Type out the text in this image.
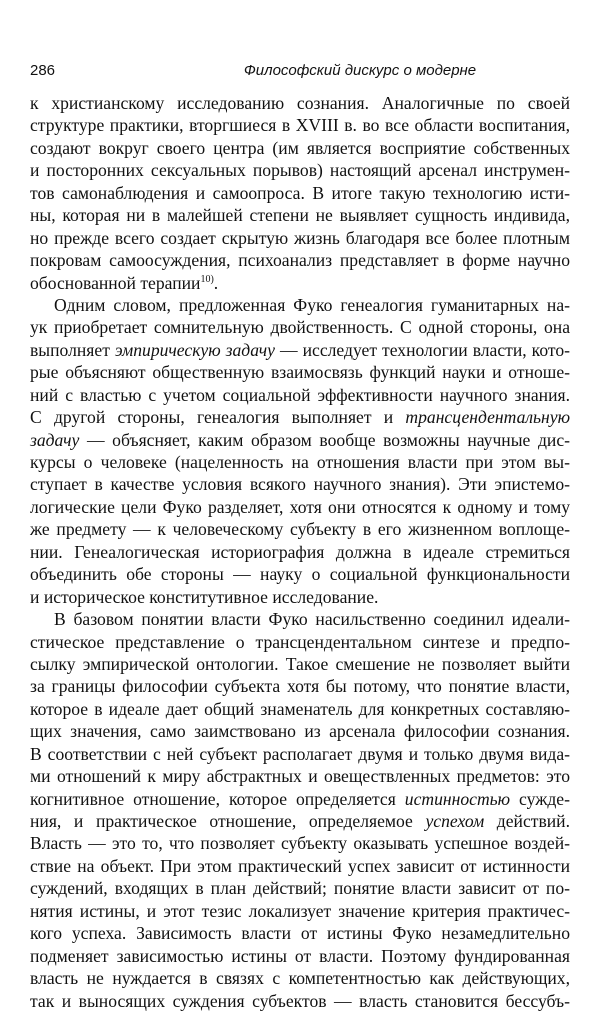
286	Философский дискурс о модерне
к христианскому исследованию сознания. Аналогичные по своей
структуре практики, вторгшиеся в XVIII в. во все области воспитания,
создают вокруг своего центра (им является восприятие собственных
и посторонних сексуальных порывов) настоящий арсенал инструмен-
тов самонаблюдения и самоопроса. В итоге такую технологию исти-
ны, которая ни в малейшей степени не выявляет сущность индивида,
но прежде всего создает скрытую жизнь благодаря все более плотным
покровам самоосуждения, психоанализ представляет в форме научно
обоснованной терапии$^{10)}$.
Одним словом, предложенная Фуко генеалогия гуманитарных на-
ук приобретает сомнительную двойственность. С одной стороны, она
выполняет эмпирическую задачу — исследует технологии власти, кото-
рые объясняют общественную взаимосвязь функций науки и отноше-
ний с властью с учетом социальной эффективности научного знания.
С другой стороны, генеалогия выполняет и трансцендентальную
задачу — объясняет, каким образом вообще возможны научные дис-
курсы о человеке (нацеленность на отношения власти при этом вы-
ступает в качестве условия всякого научного знания). Эти эпистемо-
логические цели Фуко разделяет, хотя они относятся к одному и тому
же предмету — к человеческому субъекту в его жизненном воплоще-
нии. Генеалогическая историография должна в идеале стремиться
объединить обе стороны — науку о социальной функциональности
и историческое конститутивное исследование.
В базовом понятии власти Фуко насильственно соединил идеали-
стическое представление о трансцендентальном синтезе и предпо-
сылку эмпирической онтологии. Такое смешение не позволяет выйти
за границы философии субъекта хотя бы потому, что понятие власти,
которое в идеале дает общий знаменатель для конкретных составляю-
щих значения, само заимствовано из арсенала философии сознания.
В соответствии с ней субъект располагает двумя и только двумя вида-
ми отношений к миру абстрактных и овеществленных предметов: это
когнитивное отношение, которое определяется истинностью сужде-
ния, и практическое отношение, определяемое успехом действий.
Власть — это то, что позволяет субъекту оказывать успешное воздей-
ствие на объект. При этом практический успех зависит от истинности
суждений, входящих в план действий; понятие власти зависит от по-
нятия истины, и этот тезис локализует значение критерия практичес-
кого успеха. Зависимость власти от истины Фуко незамедлительно
подменяет зависимостью истины от власти. Поэтому фундированная
власть не нуждается в связях с компетентностью как действующих,
так и выносящих суждения субъектов — власть становится бессубъ-
